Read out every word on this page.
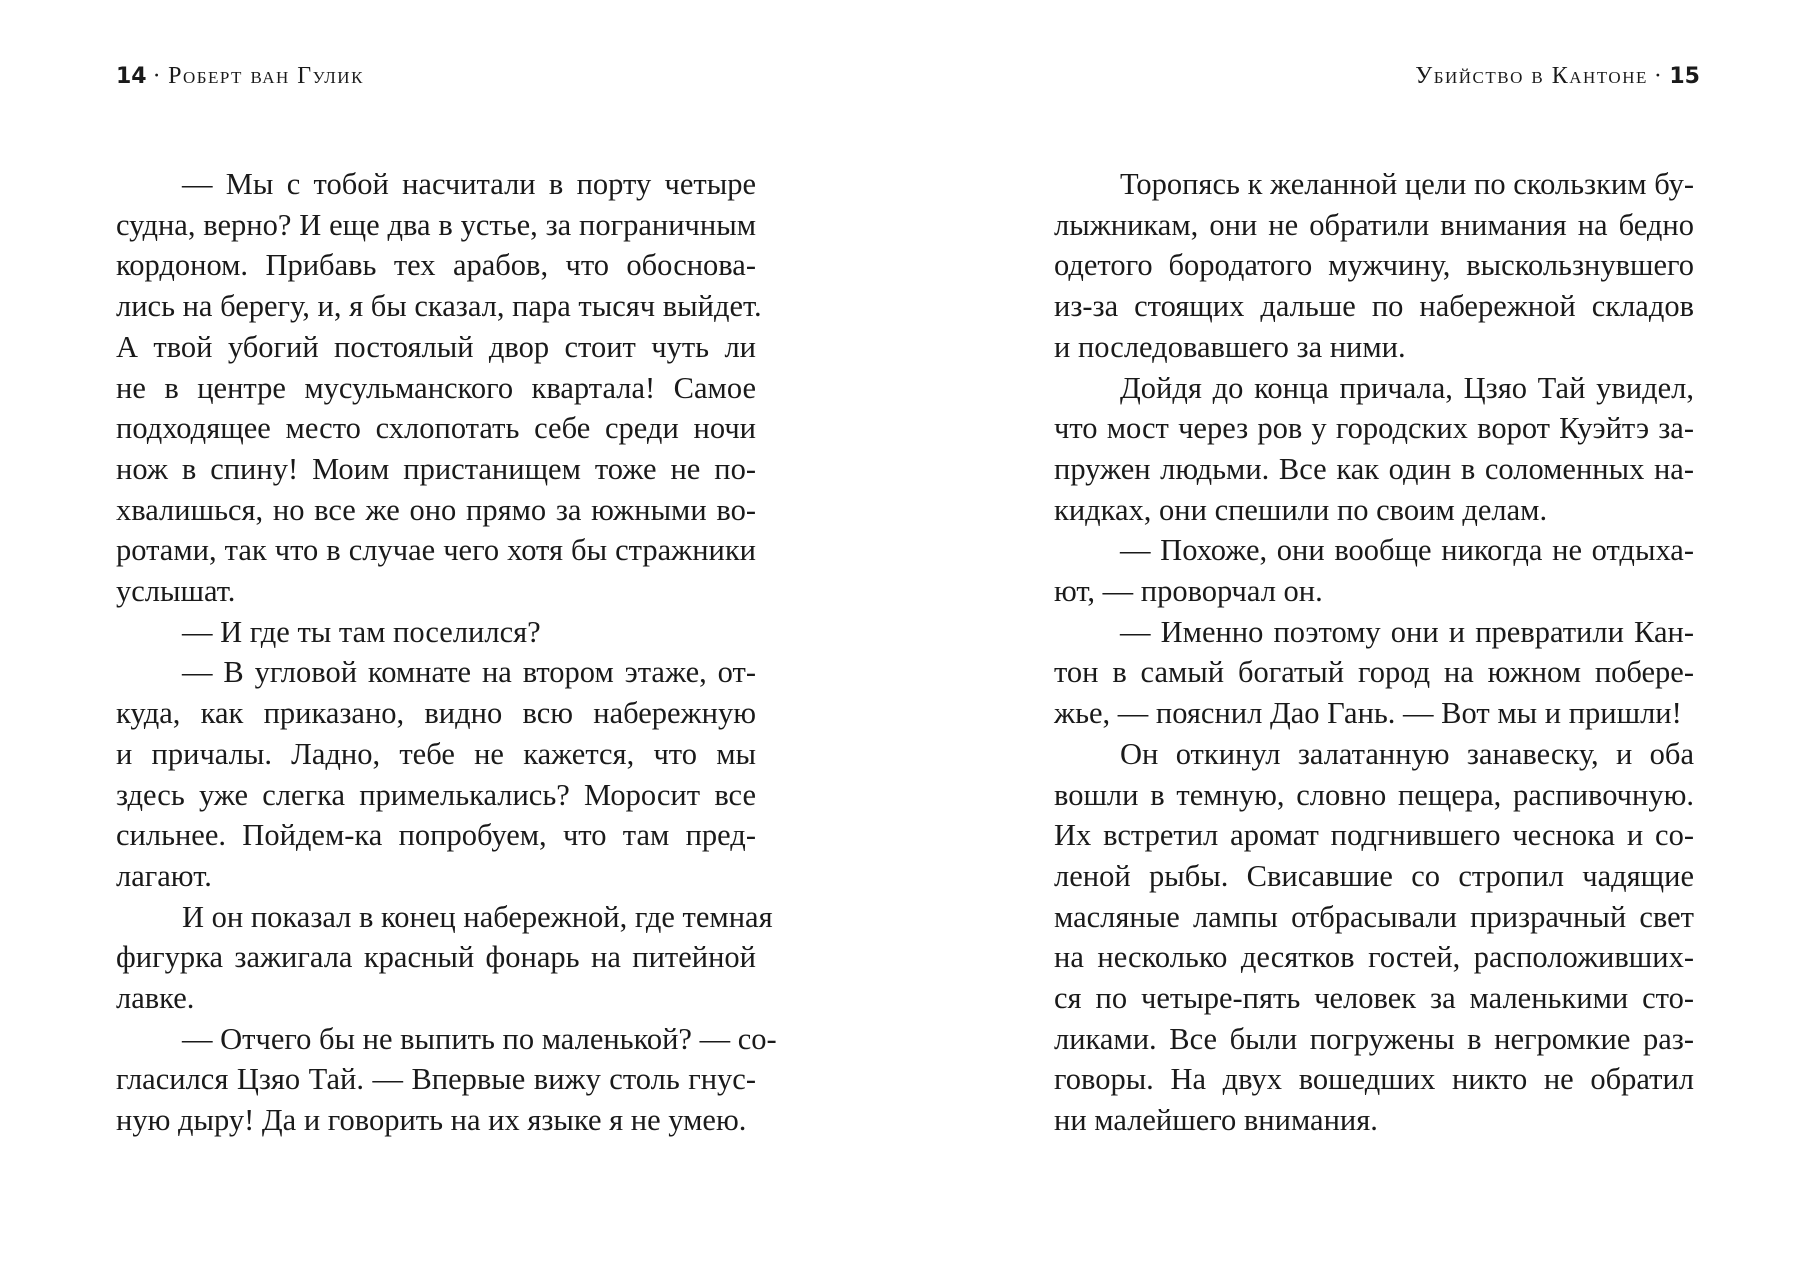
14 · Роберт ван Гулик
— Мы с тобой насчитали в порту четыре
судна, верно? И еще два в устье, за пограничным
кордоном. Прибавь тех арабов, что обоснова-
лись на берегу, и, я бы сказал, пара тысяч выйдет.
А твой убогий постоялый двор стоит чуть ли
не в центре мусульманского квартала! Самое
подходящее место схлопотать себе среди ночи
нож в спину! Моим пристанищем тоже не по-
хвалишься, но все же оно прямо за южными во-
ротами, так что в случае чего хотя бы стражники
услышат.
— И где ты там поселился?
— В угловой комнате на втором этаже, от-
куда, как приказано, видно всю набережную
и причалы. Ладно, тебе не кажется, что мы
здесь уже слегка примелькались? Моросит все
сильнее. Пойдем-ка попробуем, что там пред-
лагают.
И он показал в конец набережной, где темная
фигурка зажигала красный фонарь на питейной
лавке.
— Отчего бы не выпить по маленькой? — со-
гласился Цзяо Тай. — Впервые вижу столь гнус-
ную дыру! Да и говорить на их языке я не умею.
Убийство в Кантоне · 15
Торопясь к желанной цели по скользким бу-
лыжникам, они не обратили внимания на бедно
одетого бородатого мужчину, выскользнувшего
из-за стоящих дальше по набережной складов
и последовавшего за ними.
Дойдя до конца причала, Цзяо Тай увидел,
что мост через ров у городских ворот Куэйтэ за-
пружен людьми. Все как один в соломенных на-
кидках, они спешили по своим делам.
— Похоже, они вообще никогда не отдыха-
ют, — проворчал он.
— Именно поэтому они и превратили Кан-
тон в самый богатый город на южном побере-
жье, — пояснил Дао Гань. — Вот мы и пришли!
Он откинул залатанную занавеску, и оба
вошли в темную, словно пещера, распивочную.
Их встретил аромат подгнившего чеснока и со-
леной рыбы. Свисавшие со стропил чадящие
масляные лампы отбрасывали призрачный свет
на несколько десятков гостей, расположивших-
ся по четыре-пять человек за маленькими сто-
ликами. Все были погружены в негромкие раз-
говоры. На двух вошедших никто не обратил
ни малейшего внимания.
